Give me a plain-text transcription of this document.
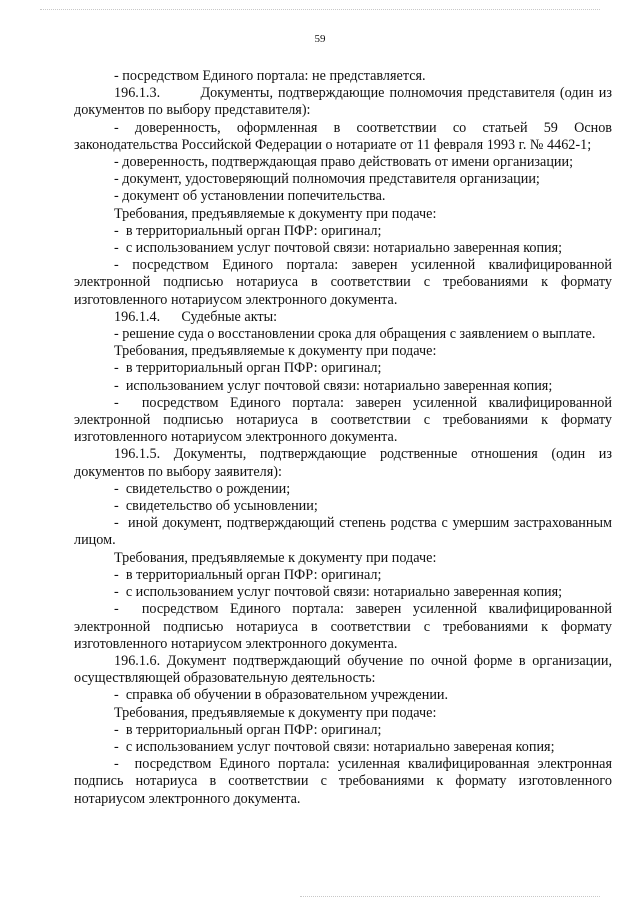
59

- посредством Единого портала: не представляется.

196.1.3.        Документы, подтверждающие полномочия представителя (один из документов по выбору представителя):

- доверенность, оформленная в соответствии со статьей 59 Основ законодательства Российской Федерации о нотариате от 11 февраля 1993 г. № 4462-1;

- доверенность, подтверждающая право действовать от имени организации;

- документ, удостоверяющий полномочия представителя организации;

- документ об установлении попечительства.

Требования, предъявляемые к документу при подаче:

-  в территориальный орган ПФР: оригинал;

-  с использованием услуг почтовой связи: нотариально заверенная копия;

- посредством Единого портала: заверен усиленной квалифицированной электронной подписью нотариуса в соответствии с требованиями к формату изготовленного нотариусом электронного документа.

196.1.4.      Судебные акты:

- решение суда о восстановлении срока для обращения с заявлением о выплате.

Требования, предъявляемые к документу при подаче:

-  в территориальный орган ПФР: оригинал;

-  использованием услуг почтовой связи: нотариально заверенная копия;

-  посредством Единого портала: заверен усиленной квалифицированной электронной подписью нотариуса в соответствии с требованиями к формату изготовленного нотариусом электронного документа.

196.1.5. Документы, подтверждающие родственные отношения (один из документов по выбору заявителя):

-  свидетельство о рождении;

-  свидетельство об усыновлении;

-  иной документ, подтверждающий степень родства с умершим застрахованным лицом.

Требования, предъявляемые к документу при подаче:

-  в территориальный орган ПФР: оригинал;

-  с использованием услуг почтовой связи: нотариально заверенная копия;

-  посредством Единого портала: заверен усиленной квалифицированной электронной подписью нотариуса в соответствии с требованиями к формату изготовленного нотариусом электронного документа.

196.1.6. Документ подтверждающий обучение по очной форме в организации, осуществляющей образовательную деятельность:

-  справка об обучении в образовательном учреждении.

Требования, предъявляемые к документу при подаче:

-  в территориальный орган ПФР: оригинал;

-  с использованием услуг почтовой связи: нотариально завереная копия;

-  посредством Единого портала: усиленная квалифицированная электронная подпись нотариуса в соответствии с требованиями к формату изготовленного нотариусом электронного документа.
